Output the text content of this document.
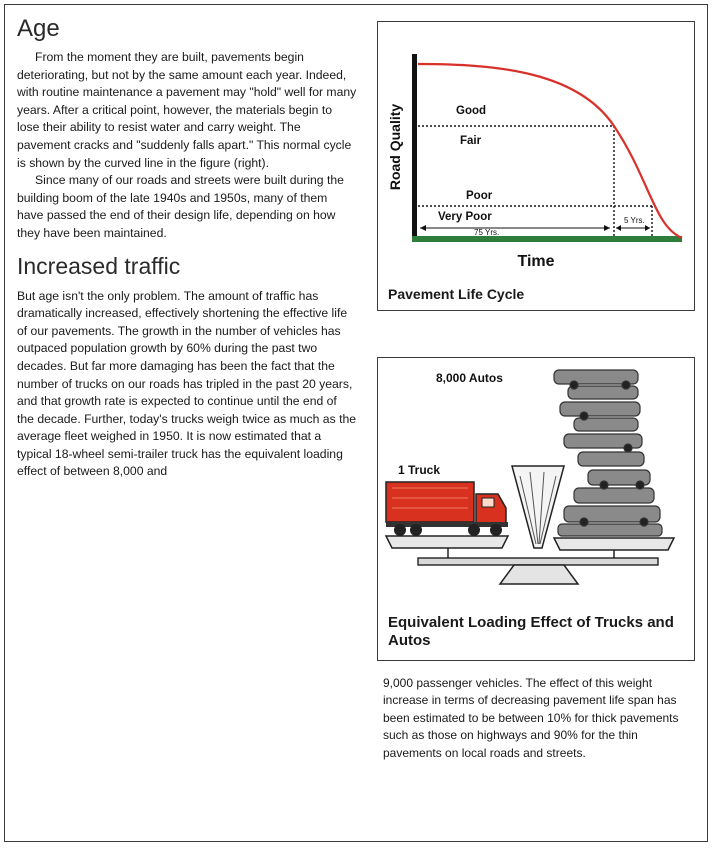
Age

From the moment they are built, pavements begin deteriorating, but not by the same amount each year. Indeed, with routine maintenance a pavement may "hold" well for many years. After a critical point, however, the materials begin to lose their ability to resist water and carry weight. The pavement cracks and "suddenly falls apart." This normal cycle is shown by the curved line in the figure (right).

Since many of our roads and streets were built during the building boom of the late 1940s and 1950s, many of them have passed the end of their design life, depending on how they have been maintained.

Increased traffic

But age isn't the only problem. The amount of traffic has dramatically increased, effectively shortening the effective life of our pavements. The growth in the number of vehicles has outpaced population growth by 60% during the past two decades. But far more damaging has been the fact that the number of trucks on our roads has tripled in the past 20 years, and that growth rate is expected to continue until the end of the decade. Further, today's trucks weigh twice as much as the average fleet weighed in 1950. It is now estimated that a typical 18-wheel semi-trailer truck has the equivalent loading effect of between 8,000 and

Road Quality	Good
Fair
Poor
Very Poor
75 Yrs.
5 Yrs.
Time
Pavement Life Cycle
8,000 Autos
1 Truck
Equivalent Loading Effect of Trucks and Autos

9,000 passenger vehicles. The effect of this weight increase in terms of decreasing pavement life span has been estimated to be between 10% for thick pavements such as those on highways and 90% for the thin pavements on local roads and streets.
